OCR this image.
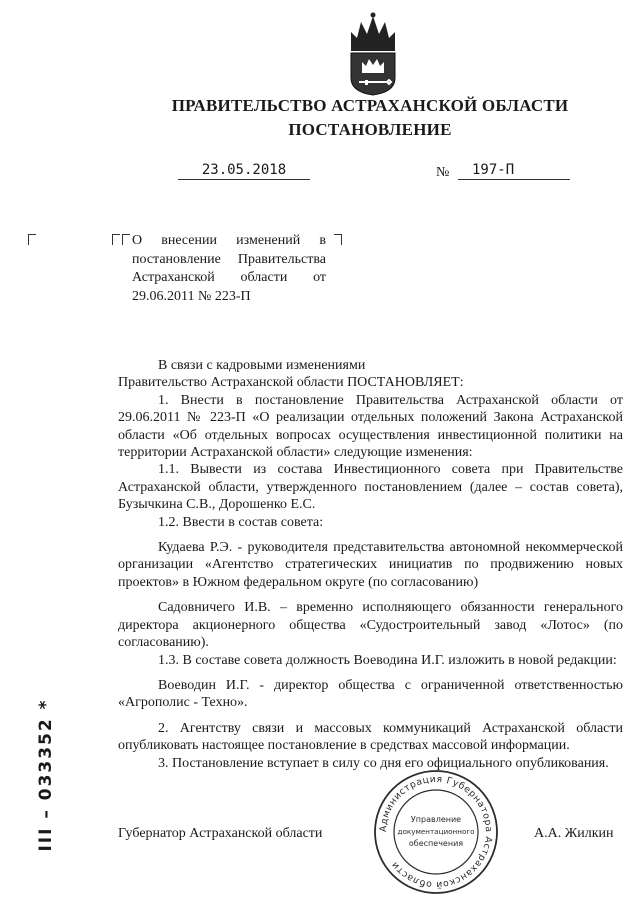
ПРАВИТЕЛЬСТВО АСТРАХАНСКОЙ ОБЛАСТИ
ПОСТАНОВЛЕНИЕ
23.05.2018	№	197-П
О внесении изменений в постановление Правительства Астраханской области от 29.06.2011 № 223-П

В связи с кадровыми изменениями

Правительство Астраханской области ПОСТАНОВЛЯЕТ:

1. Внести в постановление Правительства Астраханской области от 29.06.2011 № 223-П «О реализации отдельных положений Закона Астраханской области «Об отдельных вопросах осуществления инвестиционной политики на территории Астраханской области» следующие изменения:

1.1. Вывести из состава Инвестиционного совета при Правительстве Астраханской области, утвержденного постановлением (далее – состав совета), Бузычкина С.В., Дорошенко Е.С.

1.2. Ввести в состав совета:

Кудаева Р.Э. - руководителя представительства автономной некоммерческой организации «Агентство стратегических инициатив по продвижению новых проектов» в Южном федеральном округе (по согласованию)

Садовничего И.В. – временно исполняющего обязанности генерального директора акционерного общества «Судостроительный завод «Лотос» (по согласованию).

1.3. В составе совета должность Воеводина И.Г. изложить в новой редакции:

Воеводин И.Г. - директор общества с ограниченной ответственностью «Агрополис - Техно».

2. Агентству связи и массовых коммуникаций Астраханской области опубликовать настоящее постановление в средствах массовой информации.

3. Постановление вступает в силу со дня его официального опубликования.

Губернатор Астраханской области	А.А. Жилкин
Администрация Губернатора Астраханской области
Управление
документационного
обеспечения
III – 033352 *
